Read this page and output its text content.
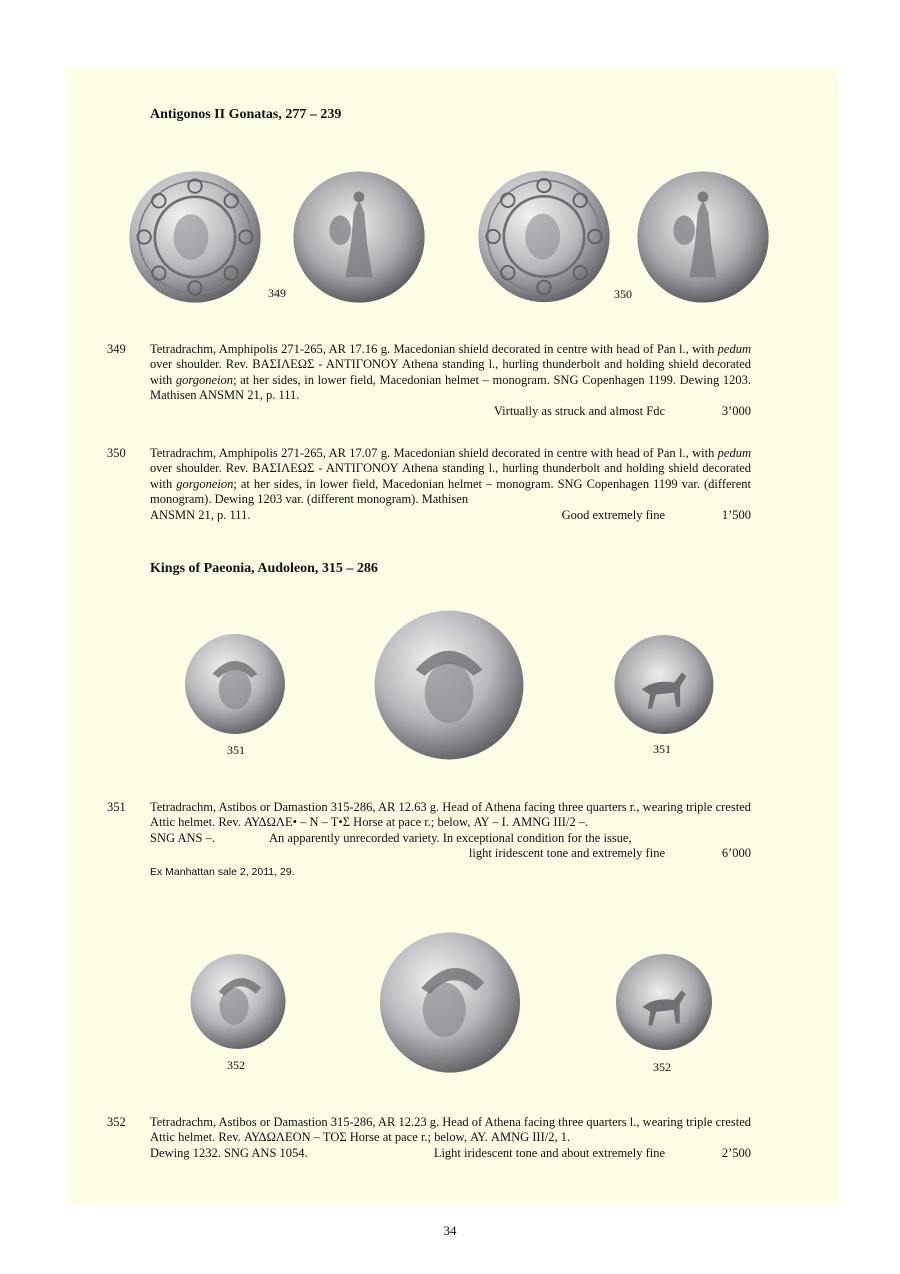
Antigonos II Gonatas, 277 – 239
349	350
349 Tetradrachm, Amphipolis 271-265, AR 17.16 g. Macedonian shield decorated in centre with head of Pan l., with pedum over shoulder. Rev. ΒΑΣΙΛΕΩΣ - ΑΝΤΙΓΟΝΟΥ Athena standing l., hurling thunderbolt and holding shield decorated with gorgoneion; at her sides, in lower field, Macedonian helmet – monogram. SNG Copenhagen 1199. Dewing 1203. Mathisen ANSMN 21, p. 111.

Virtually as struck and almost Fdc	3’000
350 Tetradrachm, Amphipolis 271-265, AR 17.07 g. Macedonian shield decorated in centre with head of Pan l., with pedum over shoulder. Rev. ΒΑΣΙΛΕΩΣ - ΑΝΤΙΓΟΝΟΥ Athena standing l., hurling thunderbolt and holding shield decorated with gorgoneion; at her sides, in lower field, Macedonian helmet – monogram. SNG Copenhagen 1199 var. (different monogram). Dewing 1203 var. (different monogram). Mathisen

ANSMN 21, p. 111.	Good extremely fine	1’500
Kings of Paeonia, Audoleon, 315 – 286
351	351
351 Tetradrachm, Astibos or Damastion 315-286, AR 12.63 g. Head of Athena facing three quarters r., wearing triple crested Attic helmet. Rev. ΑΥΔΩΛΕ• – Ν – Τ•Σ Horse at pace r.; below, ΑΥ – Ι. AMNG III/2 –.

SNG ANS –.	An apparently unrecorded variety. In exceptional condition for the issue,
light iridescent tone and extremely fine	6’000
Ex Manhattan sale 2, 2011, 29.
352	352
352 Tetradrachm, Astibos or Damastion 315-286, AR 12.23 g. Head of Athena facing three quarters l., wearing triple crested Attic helmet. Rev. ΑΥΔΩΛΕΟΝ – ΤΟΣ Horse at pace r.; below, ΑΥ. AMNG III/2, 1.

Dewing 1232. SNG ANS 1054.	Light iridescent tone and about extremely fine	2’500
34
